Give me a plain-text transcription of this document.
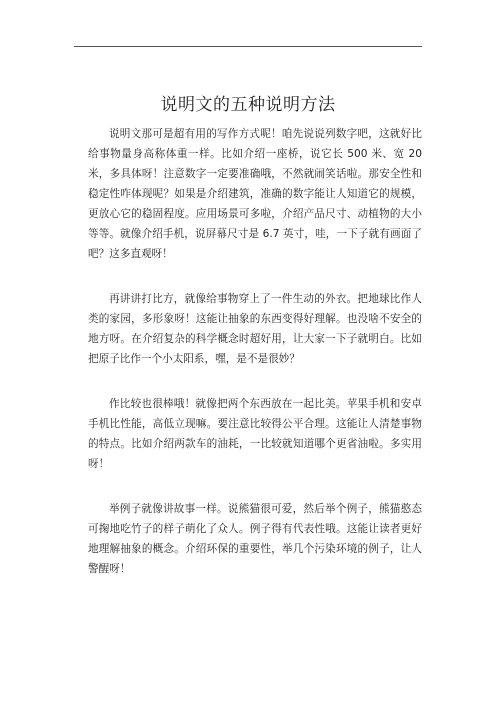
说明文的五种说明方法

说明文那可是超有用的写作方式呢！咱先说说列数字吧，这就好比给事物量身高称体重一样。比如介绍一座桥，说它长 500 米、宽 20 米，多具体呀！注意数字一定要准确哦，不然就闹笑话啦。那安全性和稳定性咋体现呢？如果是介绍建筑，准确的数字能让人知道它的规模，更放心它的稳固程度。应用场景可多啦，介绍产品尺寸、动植物的大小等等。就像介绍手机，说屏幕尺寸是 6.7 英寸，哇，一下子就有画面了吧？这多直观呀！

再讲讲打比方，就像给事物穿上了一件生动的外衣。把地球比作人类的家园，多形象呀！这能让抽象的东西变得好理解。也没啥不安全的地方呀。在介绍复杂的科学概念时超好用，让大家一下子就明白。比如把原子比作一个小太阳系，嘿，是不是很妙？

作比较也很棒哦！就像把两个东西放在一起比美。苹果手机和安卓手机比性能，高低立现嘛。要注意比较得公平合理。这能让人清楚事物的特点。比如介绍两款车的油耗，一比较就知道哪个更省油啦。多实用呀！

举例子就像讲故事一样。说熊猫很可爱，然后举个例子，熊猫憨态可掬地吃竹子的样子萌化了众人。例子得有代表性哦。这能让读者更好地理解抽象的概念。介绍环保的重要性，举几个污染环境的例子，让人警醒呀！
